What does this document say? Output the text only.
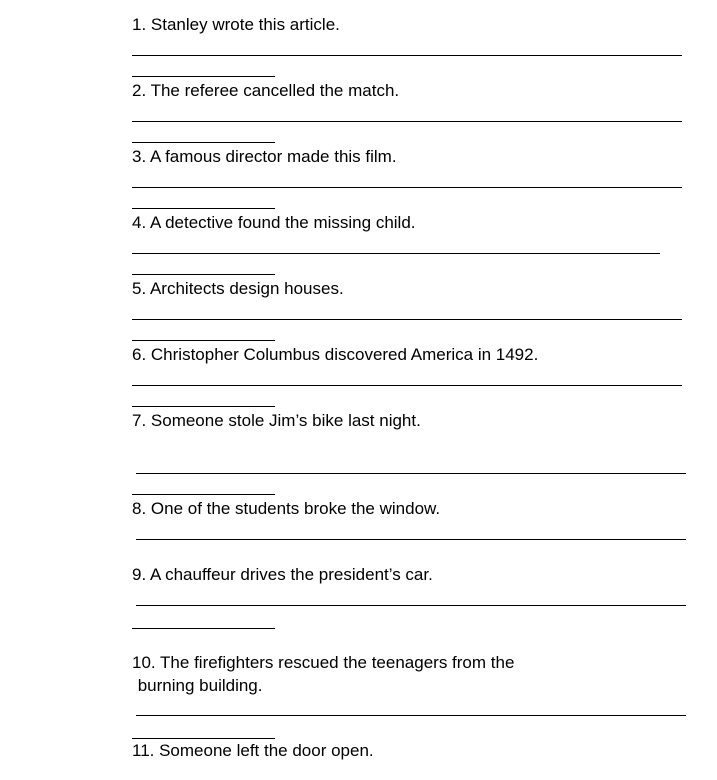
1. Stanley wrote this article.
2. The referee cancelled the match.
3. A famous director made this film.
4. A detective found the missing child.
5. Architects design houses.
6. Christopher Columbus discovered America in 1492.
7. Someone stole Jim’s bike last night.
8. One of the students broke the window.
9. A chauffeur drives the president’s car.
10. The firefighters rescued the teenagers from the
burning building.
11. Someone left the door open.
